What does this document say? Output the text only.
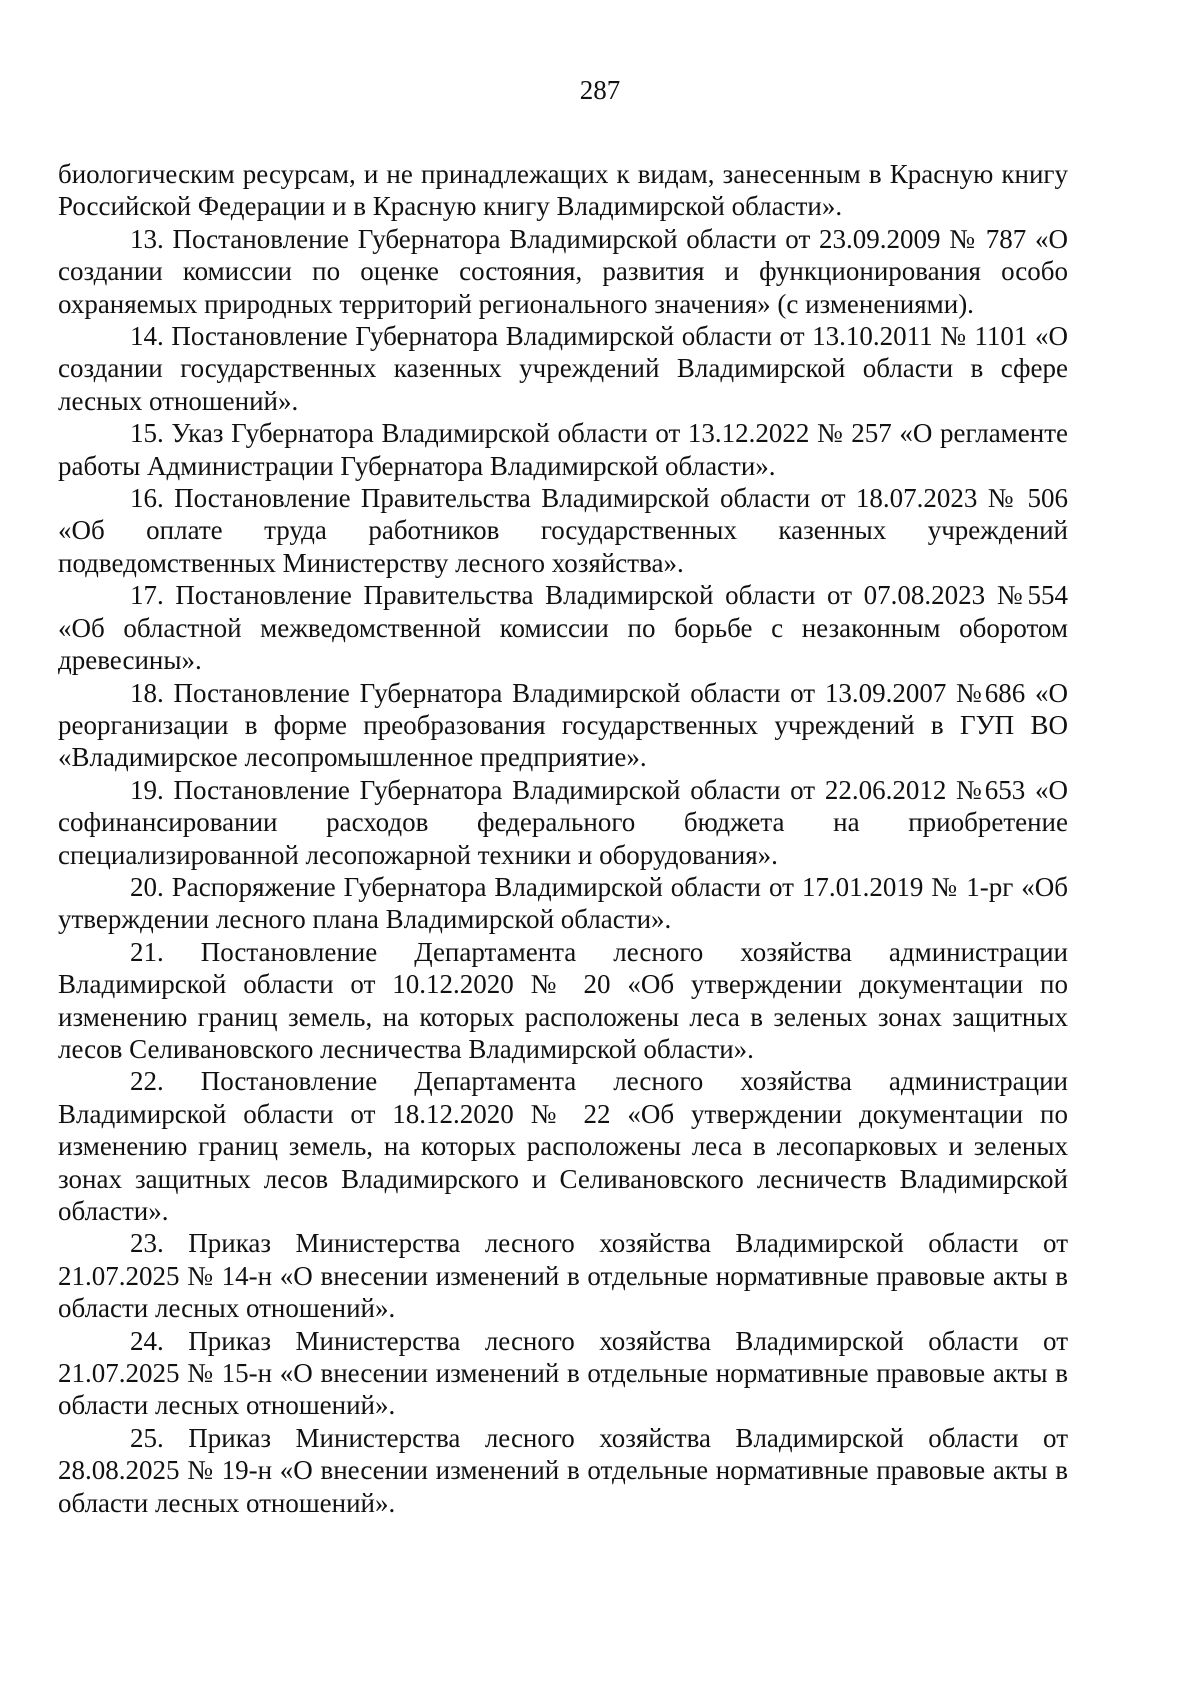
287

биологическим ресурсам, и не принадлежащих к видам, занесенным в Красную книгу Российской Федерации и в Красную книгу Владимирской области».

13. Постановление Губернатора Владимирской области от 23.09.2009 № 787 «О создании комиссии по оценке состояния, развития и функционирования особо охраняемых природных территорий регионального значения» (с изменениями).

14. Постановление Губернатора Владимирской области от 13.10.2011 № 1101 «О создании государственных казенных учреждений Владимирской области в сфере лесных отношений».

15. Указ Губернатора Владимирской области от 13.12.2022 № 257 «О регламенте работы Администрации Губернатора Владимирской области».

16. Постановление Правительства Владимирской области от 18.07.2023 № 506 «Об оплате труда работников государственных казенных учреждений подведомственных Министерству лесного хозяйства».

17. Постановление Правительства Владимирской области от 07.08.2023 №554 «Об областной межведомственной комиссии по борьбе с незаконным оборотом древесины».

18. Постановление Губернатора Владимирской области от 13.09.2007 №686 «О реорганизации в форме преобразования государственных учреждений в ГУП ВО «Владимирское лесопромышленное предприятие».

19. Постановление Губернатора Владимирской области от 22.06.2012 №653 «О софинансировании расходов федерального бюджета на приобретение специализированной лесопожарной техники и оборудования».

20. Распоряжение Губернатора Владимирской области от 17.01.2019 № 1-рг «Об утверждении лесного плана Владимирской области».

21. Постановление Департамента лесного хозяйства администрации Владимирской области от 10.12.2020 № 20 «Об утверждении документации по изменению границ земель, на которых расположены леса в зеленых зонах защитных лесов Селивановского лесничества Владимирской области».

22. Постановление Департамента лесного хозяйства администрации Владимирской области от 18.12.2020 № 22 «Об утверждении документации по изменению границ земель, на которых расположены леса в лесопарковых и зеленых зонах защитных лесов Владимирского и Селивановского лесничеств Владимирской области».

23. Приказ Министерства лесного хозяйства Владимирской области от 21.07.2025 № 14-н «О внесении изменений в отдельные нормативные правовые акты в области лесных отношений».

24. Приказ Министерства лесного хозяйства Владимирской области от 21.07.2025 № 15-н «О внесении изменений в отдельные нормативные правовые акты в области лесных отношений».

25. Приказ Министерства лесного хозяйства Владимирской области от 28.08.2025 № 19-н «О внесении изменений в отдельные нормативные правовые акты в области лесных отношений».
